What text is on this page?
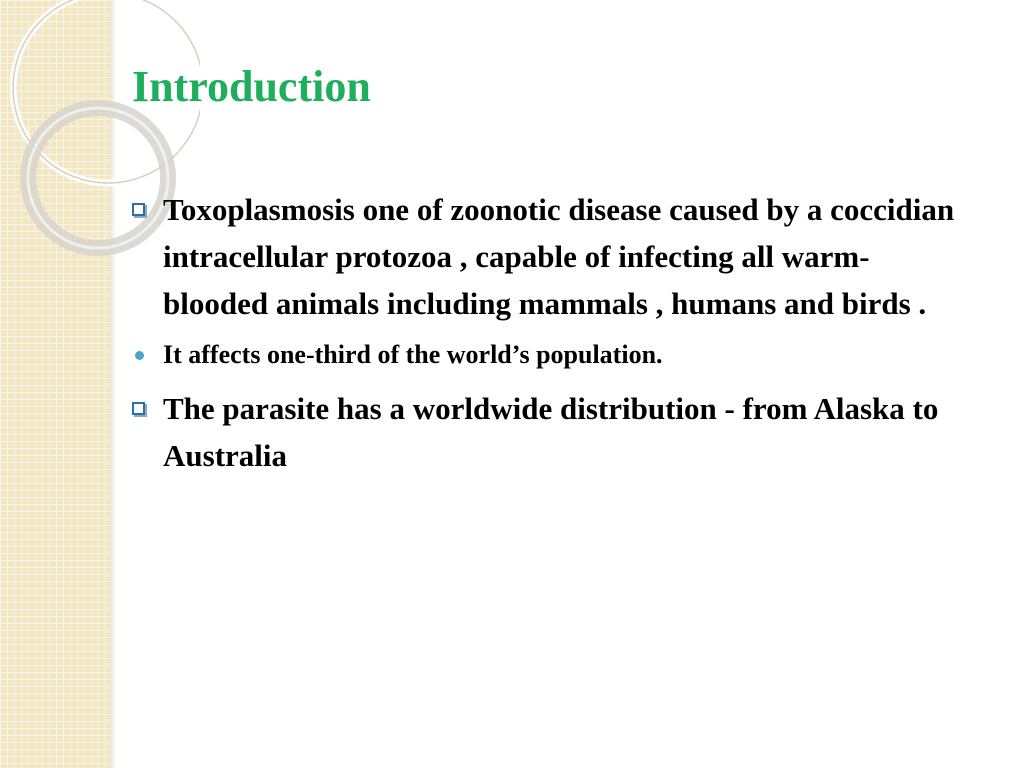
Introduction
Toxoplasmosis one of zoonotic disease caused by a coccidian intracellular protozoa , capable of infecting all warm-blooded animals including mammals , humans and birds .
It affects one-third of the world’s population.
The parasite has a worldwide distribution - from Alaska to Australia
